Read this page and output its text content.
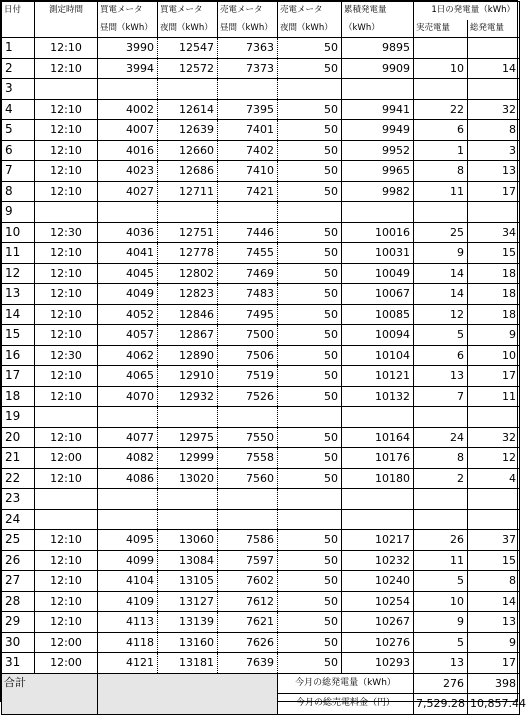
日付	測定時間	買電メータ	買電メータ	売電メータ	売電メータ	累積発電量	1日の発電量（kWh）	
		昼間（kWh）	夜間（kWh）	昼間（kWh）	夜間（kWh）	（kWh）	実売電量	総発電量
1	12:10	3990	12547	7363	50	9895		
2	12:10	3994	12572	7373	50	9909	10	14
3								
4	12:10	4002	12614	7395	50	9941	22	32
5	12:10	4007	12639	7401	50	9949	6	8
6	12:10	4016	12660	7402	50	9952	1	3
7	12:10	4023	12686	7410	50	9965	8	13
8	12:10	4027	12711	7421	50	9982	11	17
9								
10	12:30	4036	12751	7446	50	10016	25	34
11	12:10	4041	12778	7455	50	10031	9	15
12	12:10	4045	12802	7469	50	10049	14	18
13	12:10	4049	12823	7483	50	10067	14	18
14	12:10	4052	12846	7495	50	10085	12	18
15	12:10	4057	12867	7500	50	10094	5	9
16	12:30	4062	12890	7506	50	10104	6	10
17	12:10	4065	12910	7519	50	10121	13	17
18	12:10	4070	12932	7526	50	10132	7	11
19								
20	12:10	4077	12975	7550	50	10164	24	32
21	12:00	4082	12999	7558	50	10176	8	12
22	12:10	4086	13020	7560	50	10180	2	4
23								
24								
25	12:10	4095	13060	7586	50	10217	26	37
26	12:10	4099	13084	7597	50	10232	11	15
27	12:10	4104	13105	7602	50	10240	5	8
28	12:10	4109	13127	7612	50	10254	10	14
29	12:10	4113	13139	7621	50	10267	9	13
30	12:00	4118	13160	7626	50	10276	5	9
31	12:00	4121	13181	7639	50	10293	13	17
合計					今月の総発電量（kWh）		276	398
					今月の総売電料金（円）		7,529.28	10,857.44
